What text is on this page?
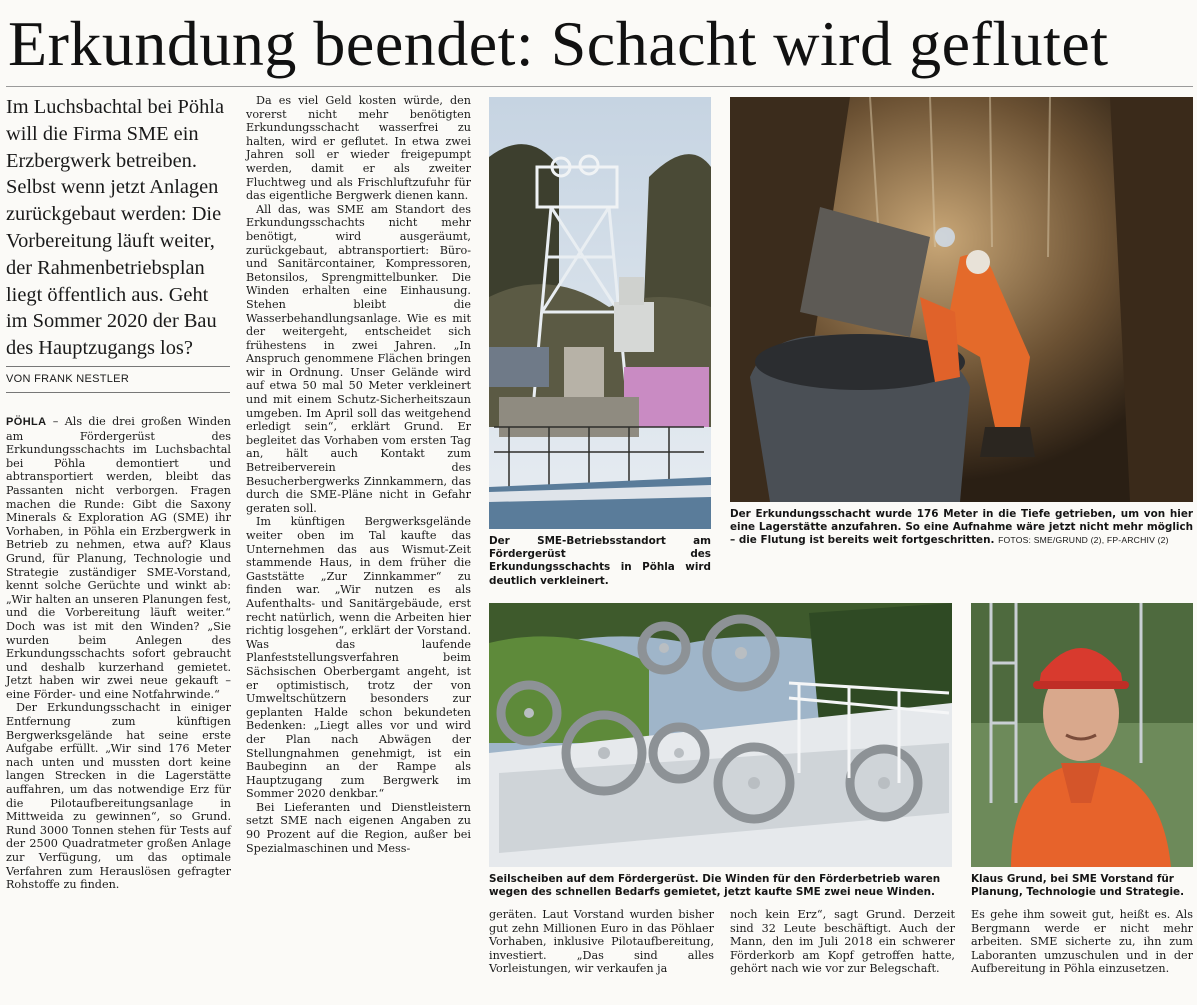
Erkundung beendet: Schacht wird geflutet

Im Luchsbachtal bei Pöhla will die Firma SME ein Erzbergwerk betreiben. Selbst wenn jetzt Anlagen zurückgebaut werden: Die Vorbereitung läuft weiter, der Rahmenbetriebsplan liegt öffentlich aus. Geht im Sommer 2020 der Bau des Hauptzugangs los?

VON FRANK NESTLER
PÖHLA – Als die drei großen Winden am Fördergerüst des Erkundungsschachts im Luchsbachtal bei Pöhla demontiert und abtransportiert werden, bleibt das Passanten nicht verborgen. Fragen machen die Runde: Gibt die Saxony Minerals & Exploration AG (SME) ihr Vorhaben, in Pöhla ein Erzbergwerk in Betrieb zu nehmen, etwa auf? Klaus Grund, für Planung, Technologie und Strategie zuständiger SME-Vorstand, kennt solche Gerüchte und winkt ab: „Wir halten an unseren Planungen fest, und die Vorbereitung läuft weiter.“ Doch was ist mit den Winden? „Sie wurden beim Anlegen des Erkundungsschachts sofort gebraucht und deshalb kurzerhand gemietet. Jetzt haben wir zwei neue gekauft – eine Förder- und eine Notfahrwinde.“
Der Erkundungsschacht in einiger Entfernung zum künftigen Bergwerksgelände hat seine erste Aufgabe erfüllt. „Wir sind 176 Meter nach unten und mussten dort keine langen Strecken in die Lagerstätte auffahren, um das notwendige Erz für die Pilotaufbereitungsanlage in Mittweida zu gewinnen“, so Grund. Rund 3000 Tonnen stehen für Tests auf der 2500 Quadratmeter großen Anlage zur Verfügung, um das optimale Verfahren zum Herauslösen gefragter Rohstoffe zu finden.
Da es viel Geld kosten würde, den vorerst nicht mehr benötigten Erkundungsschacht wasserfrei zu halten, wird er geflutet. In etwa zwei Jahren soll er wieder freigepumpt werden, damit er als zweiter Fluchtweg und als Frischluftzufuhr für das eigentliche Bergwerk dienen kann.
All das, was SME am Standort des Erkundungsschachts nicht mehr benötigt, wird ausgeräumt, zurückgebaut, abtransportiert: Büro- und Sanitärcontainer, Kompressoren, Betonsilos, Sprengmittelbunker. Die Winden erhalten eine Einhausung. Stehen bleibt die Wasserbehandlungsanlage. Wie es mit der weitergeht, entscheidet sich frühestens in zwei Jahren. „In Anspruch genommene Flächen bringen wir in Ordnung. Unser Gelände wird auf etwa 50 mal 50 Meter verkleinert und mit einem Schutz-Sicherheitszaun umgeben. Im April soll das weitgehend erledigt sein“, erklärt Grund. Er begleitet das Vorhaben vom ersten Tag an, hält auch Kontakt zum Betreiberverein des Besucherbergwerks Zinnkammern, das durch die SME-Pläne nicht in Gefahr geraten soll.
Im künftigen Bergwerksgelände weiter oben im Tal kaufte das Unternehmen das aus Wismut-Zeit stammende Haus, in dem früher die Gaststätte „Zur Zinnkammer“ zu finden war. „Wir nutzen es als Aufenthalts- und Sanitärgebäude, erst recht natürlich, wenn die Arbeiten hier richtig losgehen“, erklärt der Vorstand. Was das laufende Planfeststellungsverfahren beim Sächsischen Oberbergamt angeht, ist er optimistisch, trotz der von Umweltschützern besonders zur geplanten Halde schon bekundeten Bedenken: „Liegt alles vor und wird der Plan nach Abwägen der Stellungnahmen genehmigt, ist ein Baubeginn an der Rampe als Hauptzugang zum Bergwerk im Sommer 2020 denkbar.“
Bei Lieferanten und Dienstleistern setzt SME nach eigenen Angaben zu 90 Prozent auf die Region, außer bei Spezialmaschinen und Mess-

Der SME-Betriebsstandort am Fördergerüst des Erkundungsschachts in Pöhla wird deutlich verkleinert.

Der Erkundungsschacht wurde 176 Meter in die Tiefe getrieben, um von hier eine Lagerstätte anzufahren. So eine Aufnahme wäre jetzt nicht mehr möglich – die Flutung ist bereits weit fortgeschritten. FOTOS: SME/GRUND (2), FP-ARCHIV (2)

Seilscheiben auf dem Fördergerüst. Die Winden für den Förderbetrieb waren wegen des schnellen Bedarfs gemietet, jetzt kaufte SME zwei neue Winden.

Klaus Grund, bei SME Vorstand für Planung, Technologie und Strategie.

geräten. Laut Vorstand wurden bisher gut zehn Millionen Euro in das Pöhlaer Vorhaben, inklusive Pilotaufbereitung, investiert. „Das sind alles Vorleistungen, wir verkaufen ja

noch kein Erz“, sagt Grund. Derzeit sind 32 Leute beschäftigt. Auch der Mann, den im Juli 2018 ein schwerer Förderkorb am Kopf getroffen hatte, gehört nach wie vor zur Belegschaft.

Es gehe ihm soweit gut, heißt es. Als Bergmann werde er nicht mehr arbeiten. SME sicherte zu, ihn zum Laboranten umzuschulen und in der Aufbereitung in Pöhla einzusetzen.
